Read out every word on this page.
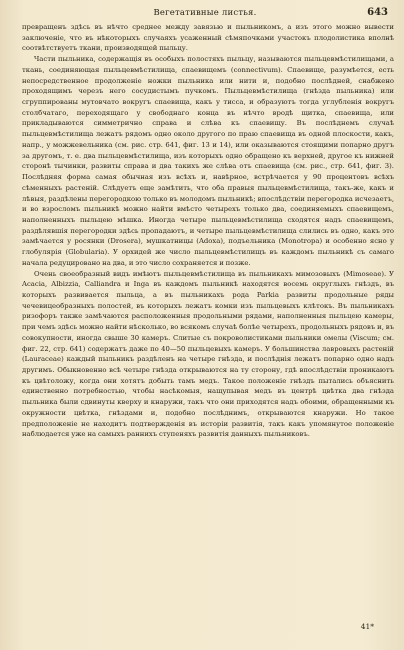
Вегетативные листья.	643

превращенъ здѣсь въ нѣчто среднее между завязью и пыльникомъ, а изъ этого можно вывести заключеніе, что въ нѣкоторыхъ случаяхъ усаженный сѣмяпочками участокъ плодолистика вполнѣ соотвѣтствуетъ ткани, производящей пыльцу.

Части пыльника, содержащія въ особыхъ полостяхъ пыльцу, называются пыльцевмѣстилищами, а ткань, соединяющая пыльцевмѣстилища, спаевищемъ (connectivum). Спаевище, разумѣется, есть непосредственное продолженіе ножки пыльника или нити и, подобно послѣдней, снабжено проходящимъ черезъ него сосудистымъ пучкомъ. Пыльцевмѣстилища (гнѣзда пыльника) или сгруппированы мутовчато вокругъ спаевища, какъ у тисса, и образуютъ тогда углубленія вокругъ столбчатаго, переходящаго у свободнаго конца въ нѣчто вродѣ щитка, спаевища, или прикладываются симметрично справа и слѣва къ спаевищу. Въ послѣднемъ случаѣ пыльцевмѣстилища лежатъ рядомъ одно около другого по праю спаевища въ одной плоскости, какъ, напр., у можжевельника (см. рис. стр. 641, фиг. 13 и 14), или оказываются стоящими попарно другъ за другомъ, т. е. два пыльцевмѣстилища, изъ которыхъ одно обращено къ верхней, другое къ нижней сторонѣ тычинки, развиты справа и два такихъ же слѣва отъ спаевища (см. рис., стр. 641, фиг. 3). Послѣдняя форма самая обычная изъ всѣхъ и, навѣрное, встрѣчается у 90 процентовъ всѣхъ сѣменныхъ растеній. Слѣдуетъ еще замѣтить, что оба правыя пыльцевмѣстилища, такъ-же, какъ и лѣвыя, раздѣлены перегородкою только въ молодомъ пыльникѣ; впослѣдствіи перегородка исчезаетъ, и во взросломъ пыльникѣ можно найти вмѣсто четырехъ только два, соединяемыхъ спаевищемъ, наполненныхъ пыльцею мѣшка. Иногда четыре пыльцевмѣстилища сходятся надъ спаевищемъ, раздѣлявшія перегородки здѣсь пропадаютъ, и четыре пыльцевмѣстилища слились въ одно, какъ это замѣчается у росянки (Drosera), мушкатницы (Adoxa), подъельника (Monotropa) и особенно ясно у глобулярія (Globularia). У орхидей же число пыльцевмѣстилищъ въ каждомъ пыльникѣ съ самаго начала редуцировано на два, и это число сохраняется и позже.

Очень своеобразный видъ имѣютъ пыльцевмѣстилища въ пыльникахъ мимозовыхъ (Mimoseae). У Acacia, Albizzia, Calliandra и Inga въ каждомъ пыльникѣ находятся восемь округлыхъ гнѣздъ, въ которыхъ развивается пыльца, а въ пыльникахъ рода Parkia развиты продольные ряды чечевицеобразныхъ полостей, въ которыхъ лежатъ комки изъ пыльцевыхъ клѣтокъ. Въ пыльникахъ ризофоръ также замѣчаются расположенныя продольными рядами, наполненныя пыльцею камеры, при чемъ здѣсь можно найти нѣсколько, во всякомъ случаѣ болѣе четырехъ, продольныхъ рядовъ и, въ совокупности, иногда свыше 30 камеръ. Слитые съ покроволистиками пыльники омелы (Viscum; см. фиг. 22, стр. 641) содержатъ даже по 40—50 пыльцевыхъ камеръ. У большинства лавровыхъ растеній (Lauraceae) каждый пыльникъ раздѣленъ на четыре гнѣзда, и послѣднія лежатъ попарно одно надъ другимъ. Обыкновенно всѣ четыре гнѣзда открываются на ту сторону, гдѣ впослѣдствіи проникаютъ къ цвѣтоложу, когда они хотятъ добыть тамъ медъ. Такое положеніе гнѣздъ пытались объяснить единственно потребностью, чтобы насѣкомыя, нащупывая медъ въ центрѣ цвѣтка два гнѣзда пыльника были сдвинуты кверху и кнаружи, такъ что они приходятся надъ обоими, обращенными къ окружности цвѣтка, гнѣздами и, подобно послѣднимъ, открываются кнаружи. Но такое предположеніе не находитъ подтвержденія въ исторіи развитія, такъ какъ упомянутое положеніе наблюдается уже на самыхъ раннихъ ступеняхъ развитія данныхъ пыльниковъ.

41*
